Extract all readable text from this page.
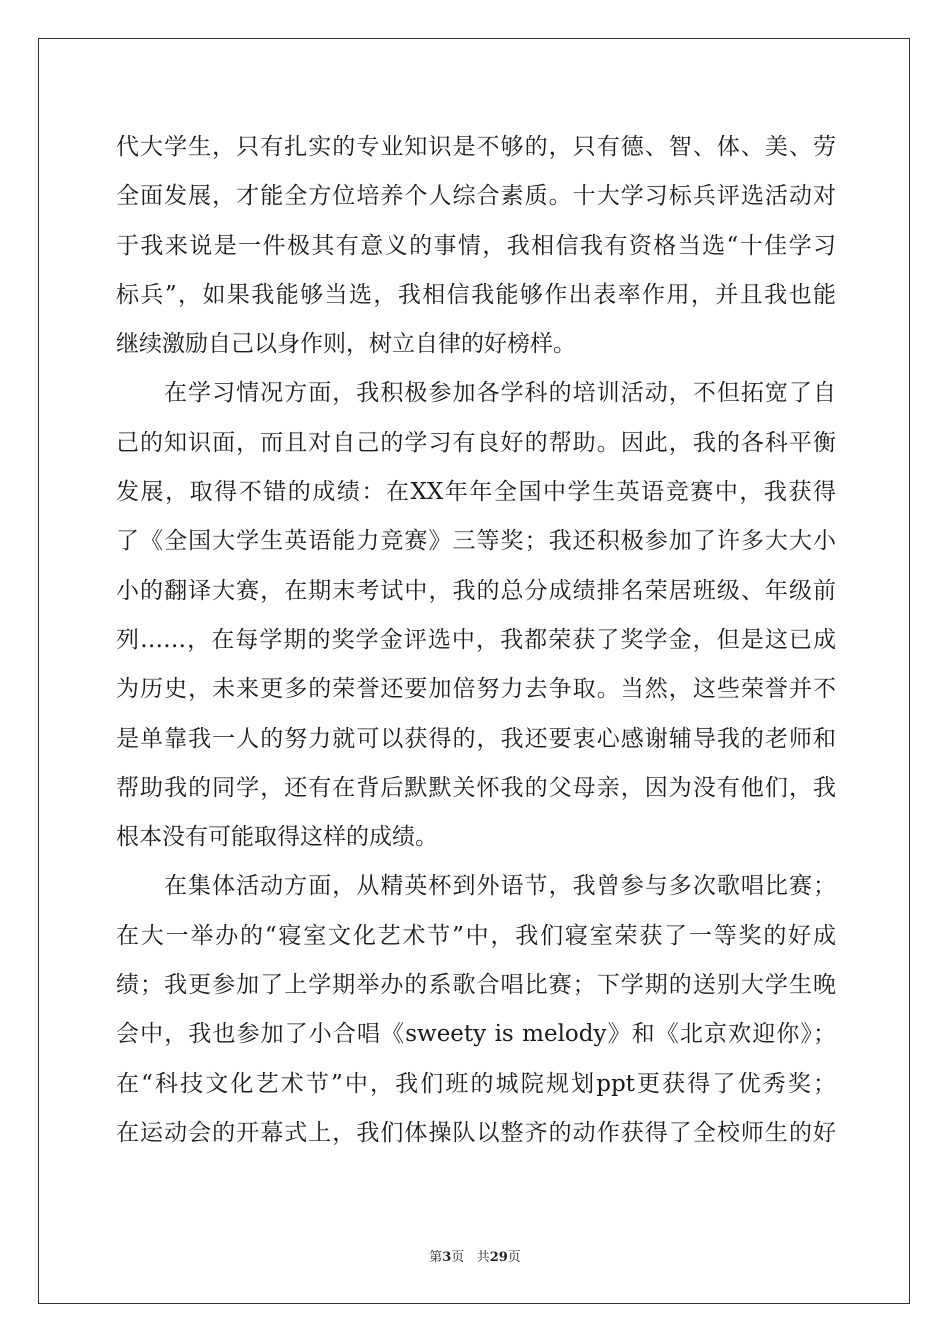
代大学生，只有扎实的专业知识是不够的，只有德、智、体、美、劳
全面发展，才能全方位培养个人综合素质。十大学习标兵评选活动对
于我来说是一件极其有意义的事情，我相信我有资格当选“十佳学习
标兵”，如果我能够当选，我相信我能够作出表率作用，并且我也能
继续激励自己以身作则，树立自律的好榜样。
在学习情况方面，我积极参加各学科的培训活动，不但拓宽了自
己的知识面，而且对自己的学习有良好的帮助。因此，我的各科平衡
发展，取得不错的成绩：在XX年年全国中学生英语竞赛中，我获得
了《全国大学生英语能力竞赛》三等奖；我还积极参加了许多大大小
小的翻译大赛，在期末考试中，我的总分成绩排名荣居班级、年级前
列……，在每学期的奖学金评选中，我都荣获了奖学金，但是这已成
为历史，未来更多的荣誉还要加倍努力去争取。当然，这些荣誉并不
是单靠我一人的努力就可以获得的，我还要衷心感谢辅导我的老师和
帮助我的同学，还有在背后默默关怀我的父母亲，因为没有他们，我
根本没有可能取得这样的成绩。
在集体活动方面，从精英杯到外语节，我曾参与多次歌唱比赛；
在大一举办的“寝室文化艺术节”中，我们寝室荣获了一等奖的好成
绩；我更参加了上学期举办的系歌合唱比赛；下学期的送别大学生晚
会中，我也参加了小合唱《sweety is melody》和《北京欢迎你》；
在“科技文化艺术节”中，我们班的城院规划ppt更获得了优秀奖；
在运动会的开幕式上，我们体操队以整齐的动作获得了全校师生的好
第3页 共29页
